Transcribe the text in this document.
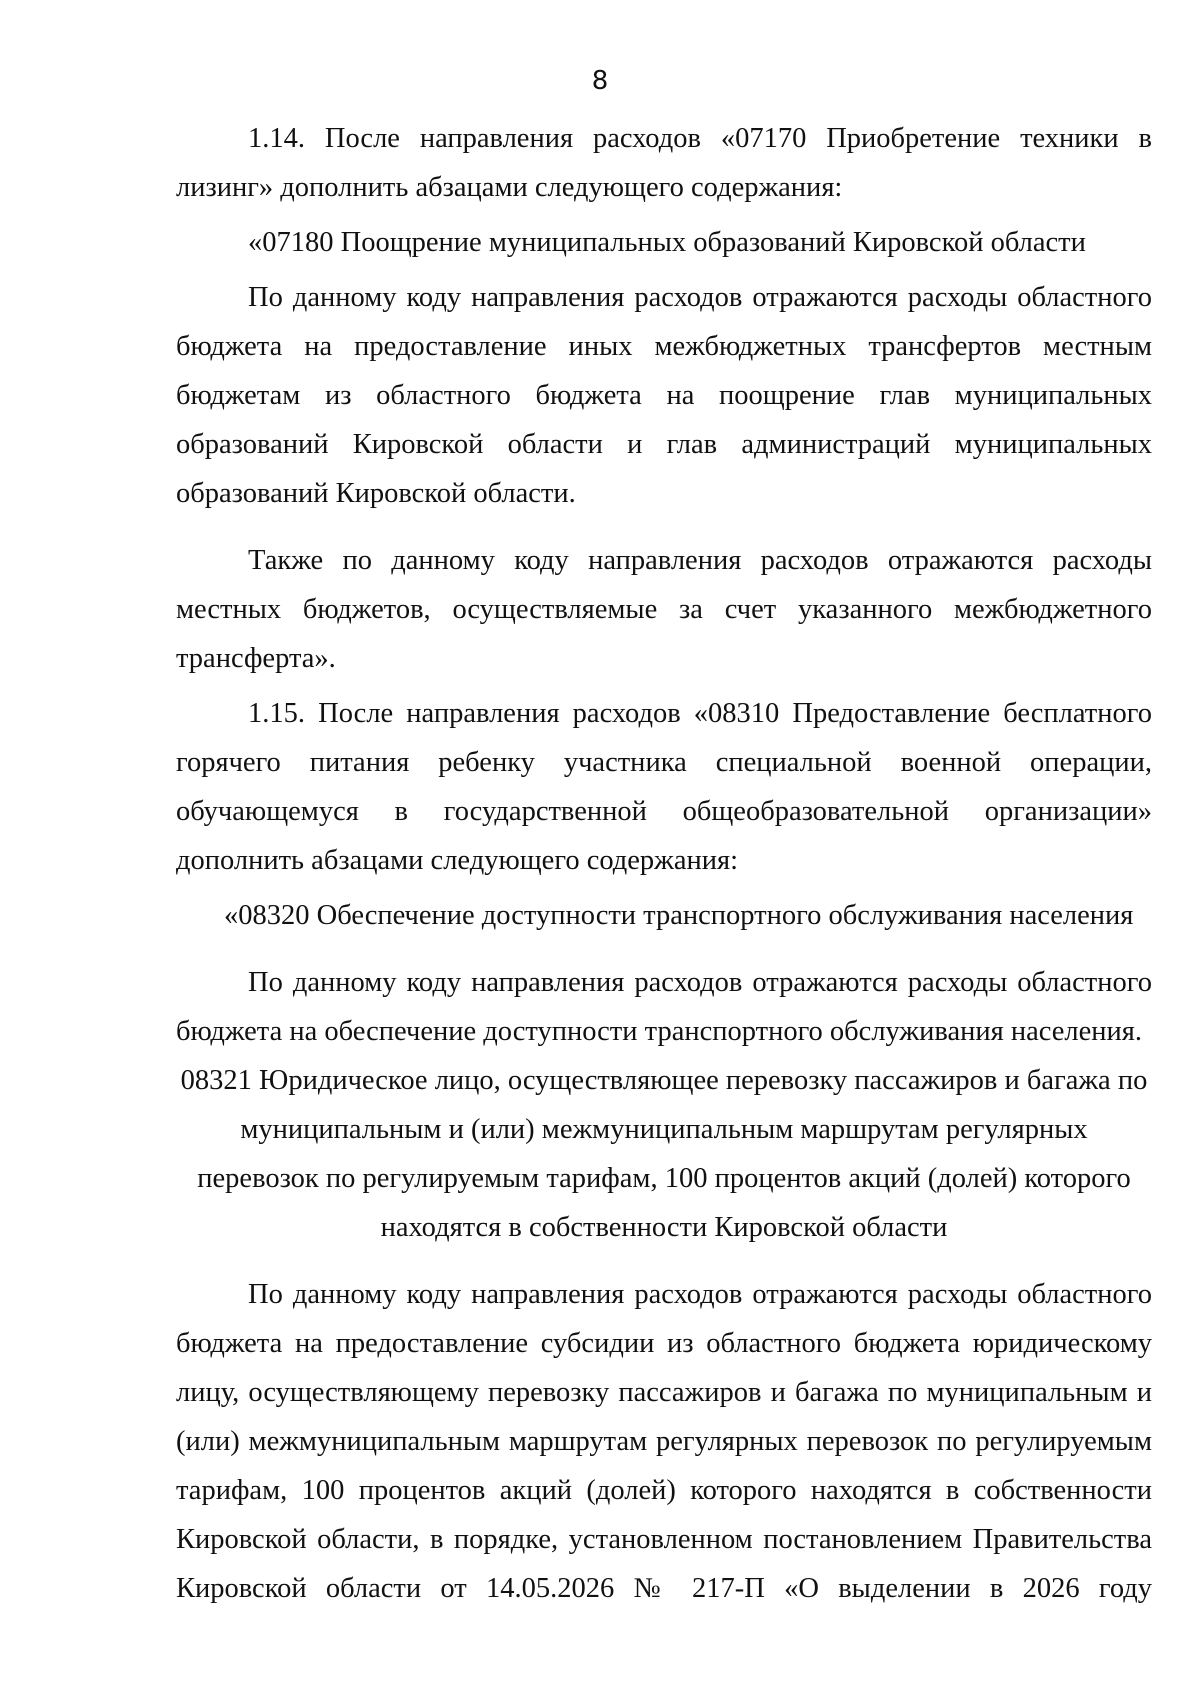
8

1.14. После направления расходов «07170 Приобретение техники в лизинг» дополнить абзацами следующего содержания:

«07180 Поощрение муниципальных образований Кировской области

По данному коду направления расходов отражаются расходы областного бюджета на предоставление иных межбюджетных трансфертов местным бюджетам из областного бюджета на поощрение глав муниципальных образований Кировской области и глав администраций муниципальных образований Кировской области.

Также по данному коду направления расходов отражаются расходы местных бюджетов, осуществляемые за счет указанного межбюджетного трансферта».

1.15. После направления расходов «08310 Предоставление бесплатного горячего питания ребенку участника специальной военной операции, обучающемуся в государственной общеобразовательной организации» дополнить абзацами следующего содержания:

«08320 Обеспечение доступности транспортного обслуживания населения

По данному коду направления расходов отражаются расходы областного бюджета на обеспечение доступности транспортного обслуживания населения.

08321 Юридическое лицо, осуществляющее перевозку пассажиров и багажа по муниципальным и (или) межмуниципальным маршрутам регулярных перевозок по регулируемым тарифам, 100 процентов акций (долей) которого находятся в собственности Кировской области

По данному коду направления расходов отражаются расходы областного бюджета на предоставление субсидии из областного бюджета юридическому лицу, осуществляющему перевозку пассажиров и багажа по муниципальным и (или) межмуниципальным маршрутам регулярных перевозок по регулируемым тарифам, 100 процентов акций (долей) которого находятся в собственности Кировской области, в порядке, установленном постановлением Правительства Кировской области от 14.05.2026 № 217-П «О выделении в 2026 году
